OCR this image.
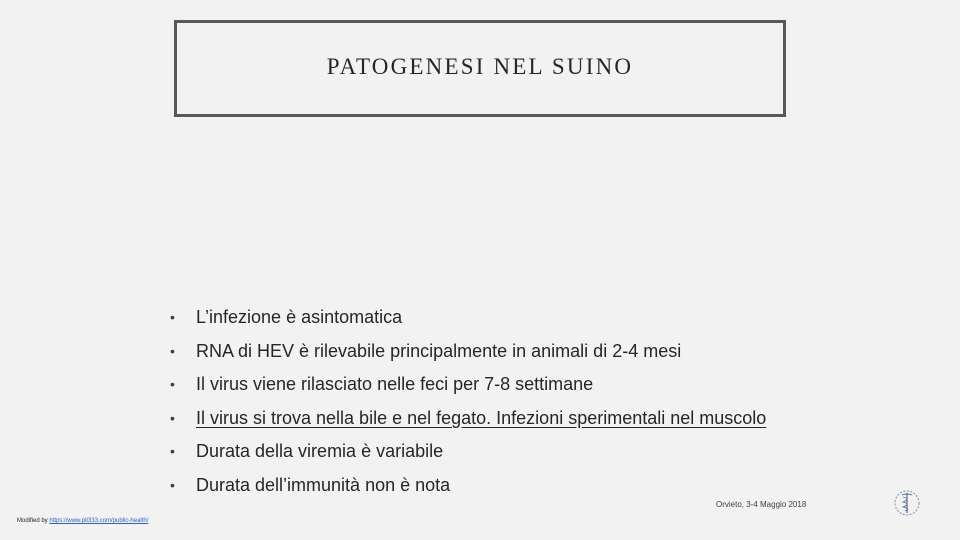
PATOGENESI NEL SUINO
• L’infezione è asintomatica
• RNA di HEV è rilevabile principalmente in animali di 2-4 mesi
• Il virus viene rilasciato nelle feci per 7-8 settimane
• Il virus si trova nella bile e nel fegato. Infezioni sperimentali nel muscolo
• Durata della viremia è variabile
• Durata dell’immunità non è nota
Orvieto, 3-4 Maggio 2018
Modified by https://www.pit333.com/public-health/
